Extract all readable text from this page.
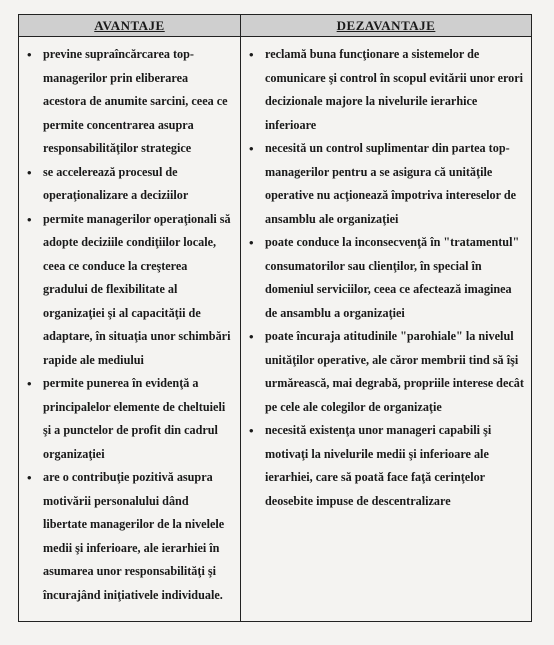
AVANTAJE	DEZAVANTAJE
• previne supraîncărcarea top-managerilor prin eliberarea acestora de anumite sarcini, ceea ce permite concentrarea asupra responsabilităţilor strategice
• se accelerează procesul de operaţionalizare a deciziilor
• permite managerilor operaţionali să adopte deciziile condiţiilor locale, ceea ce conduce la creşterea gradului de flexibilitate al organizaţiei şi al capacităţii de adaptare, în situaţia unor schimbări rapide ale mediului
• permite punerea în evidenţă a principalelor elemente de cheltuieli şi a punctelor de profit din cadrul organizaţiei
• are o contribuţie pozitivă asupra motivării personalului dând libertate managerilor de la nivelele medii şi inferioare, ale ierarhiei în asumarea unor responsabilităţi şi încurajând iniţiativele individuale.
• reclamă buna funcţionare a sistemelor de comunicare şi control în scopul evitării unor erori decizionale majore la nivelurile ierarhice inferioare
• necesită un control suplimentar din partea top-managerilor pentru a se asigura că unităţile operative nu acţionează împotriva intereselor de ansamblu ale organizaţiei
• poate conduce la inconsecvenţă în "tratamentul" consumatorilor sau clienţilor, în special în domeniul serviciilor, ceea ce afectează imaginea de ansamblu a organizaţiei
• poate încuraja atitudinile "parohiale" la nivelul unităţilor operative, ale căror membrii tind să îşi urmărească, mai degrabă, propriile interese decât pe cele ale colegilor de organizaţie
• necesită existenţa unor manageri capabili şi motivaţi la nivelurile medii şi inferioare ale ierarhiei, care să poată face faţă cerinţelor deosebite impuse de descentralizare
